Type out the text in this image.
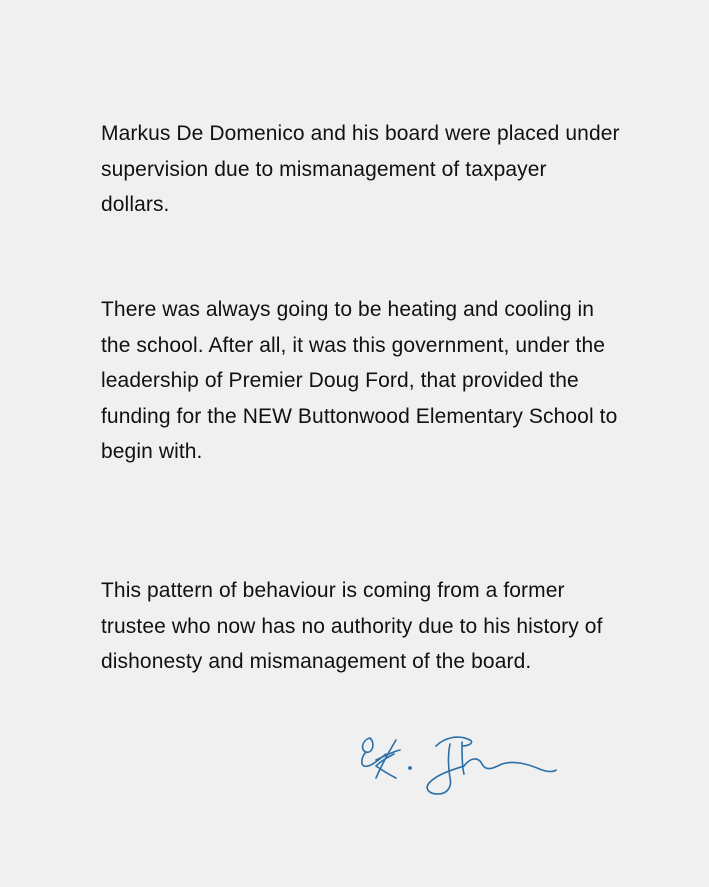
Markus De Domenico and his board were placed under supervision due to mismanagement of taxpayer dollars.

There was always going to be heating and cooling in the school. After all, it was this government, under the leadership of Premier Doug Ford, that provided the funding for the NEW Buttonwood Elementary School to begin with.

This pattern of behaviour is coming from a former trustee who now has no authority due to his history of dishonesty and mismanagement of the board.
